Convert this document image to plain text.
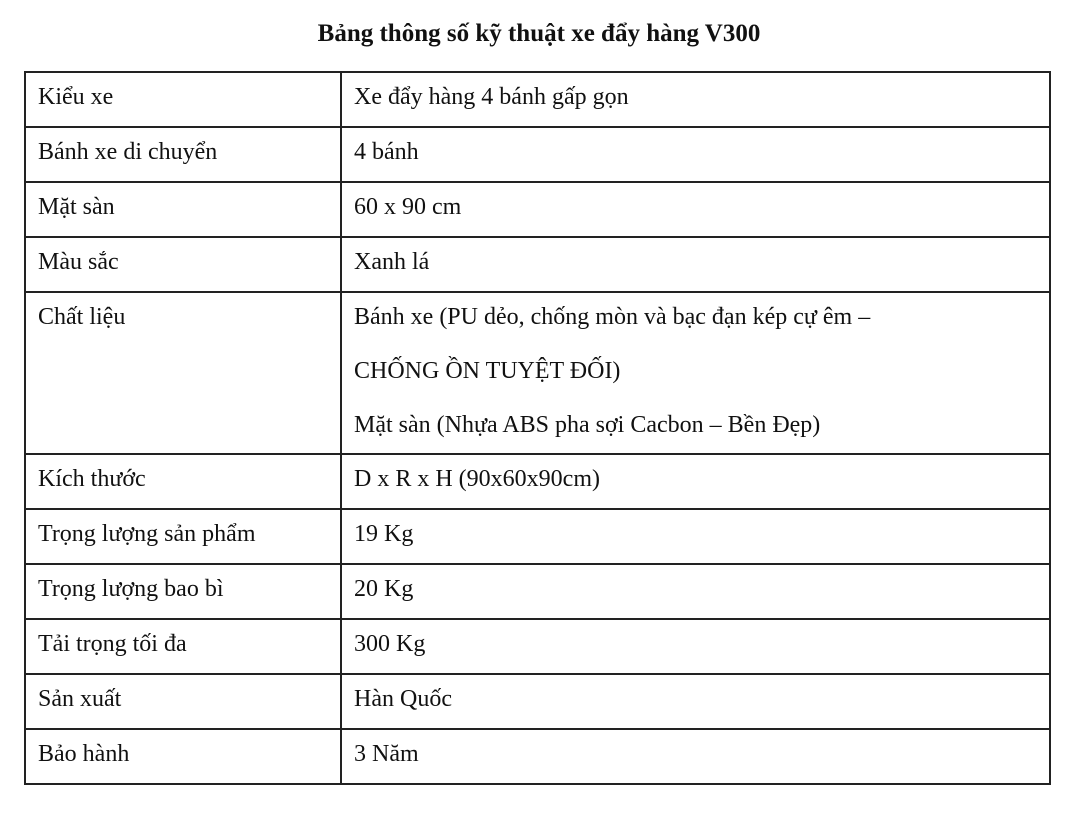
Bảng thông số kỹ thuật xe đẩy hàng V300
Kiểu xe	Xe đẩy hàng 4 bánh gấp gọn
Bánh xe di chuyển	4 bánh
Mặt sàn	60 x 90 cm
Màu sắc	Xanh lá
Chất liệu	Bánh xe (PU dẻo, chống mòn và bạc đạn kép cự êm –
CHỐNG ỒN TUYỆT ĐỐI)
Mặt sàn (Nhựa ABS pha sợi Cacbon – Bền Đẹp)

Kích thước	D x R x H (90x60x90cm)
Trọng lượng sản phẩm	19 Kg
Trọng lượng bao bì	20 Kg
Tải trọng tối đa	300 Kg
Sản xuất	Hàn Quốc
Bảo hành	3 Năm
